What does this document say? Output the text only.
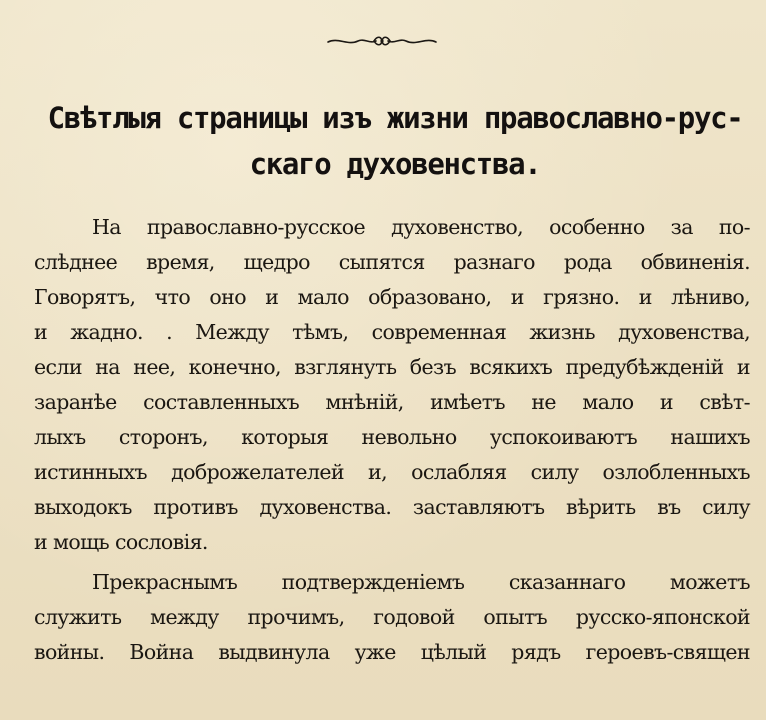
Свѣтлыя страницы изъ жизни православно-рус-
скаго духовенства.
На православно-русское духовенство, особенно за по-
слѣднее время, щедро сыпятся разнаго рода обвиненія.
Говорятъ, что оно и мало образовано, и грязно. и лѣниво,
и жадно. . Между тѣмъ, современная жизнь духовенства,
если на нее, конечно, взглянуть безъ всякихъ предубѣжденій и
заранѣе составленныхъ мнѣній, имѣетъ не мало и свѣт-
лыхъ сторонъ, которыя невольно успокоиваютъ нашихъ
истинныхъ доброжелателей и, ослабляя силу озлобленныхъ
выходокъ противъ духовенства. заставляютъ вѣрить въ силу
и мощь сословія.
Прекраснымъ подтвержденіемъ сказаннаго можетъ
служить между прочимъ, годовой опытъ русско-японской
войны. Война выдвинула уже цѣлый рядъ героевъ-священ
